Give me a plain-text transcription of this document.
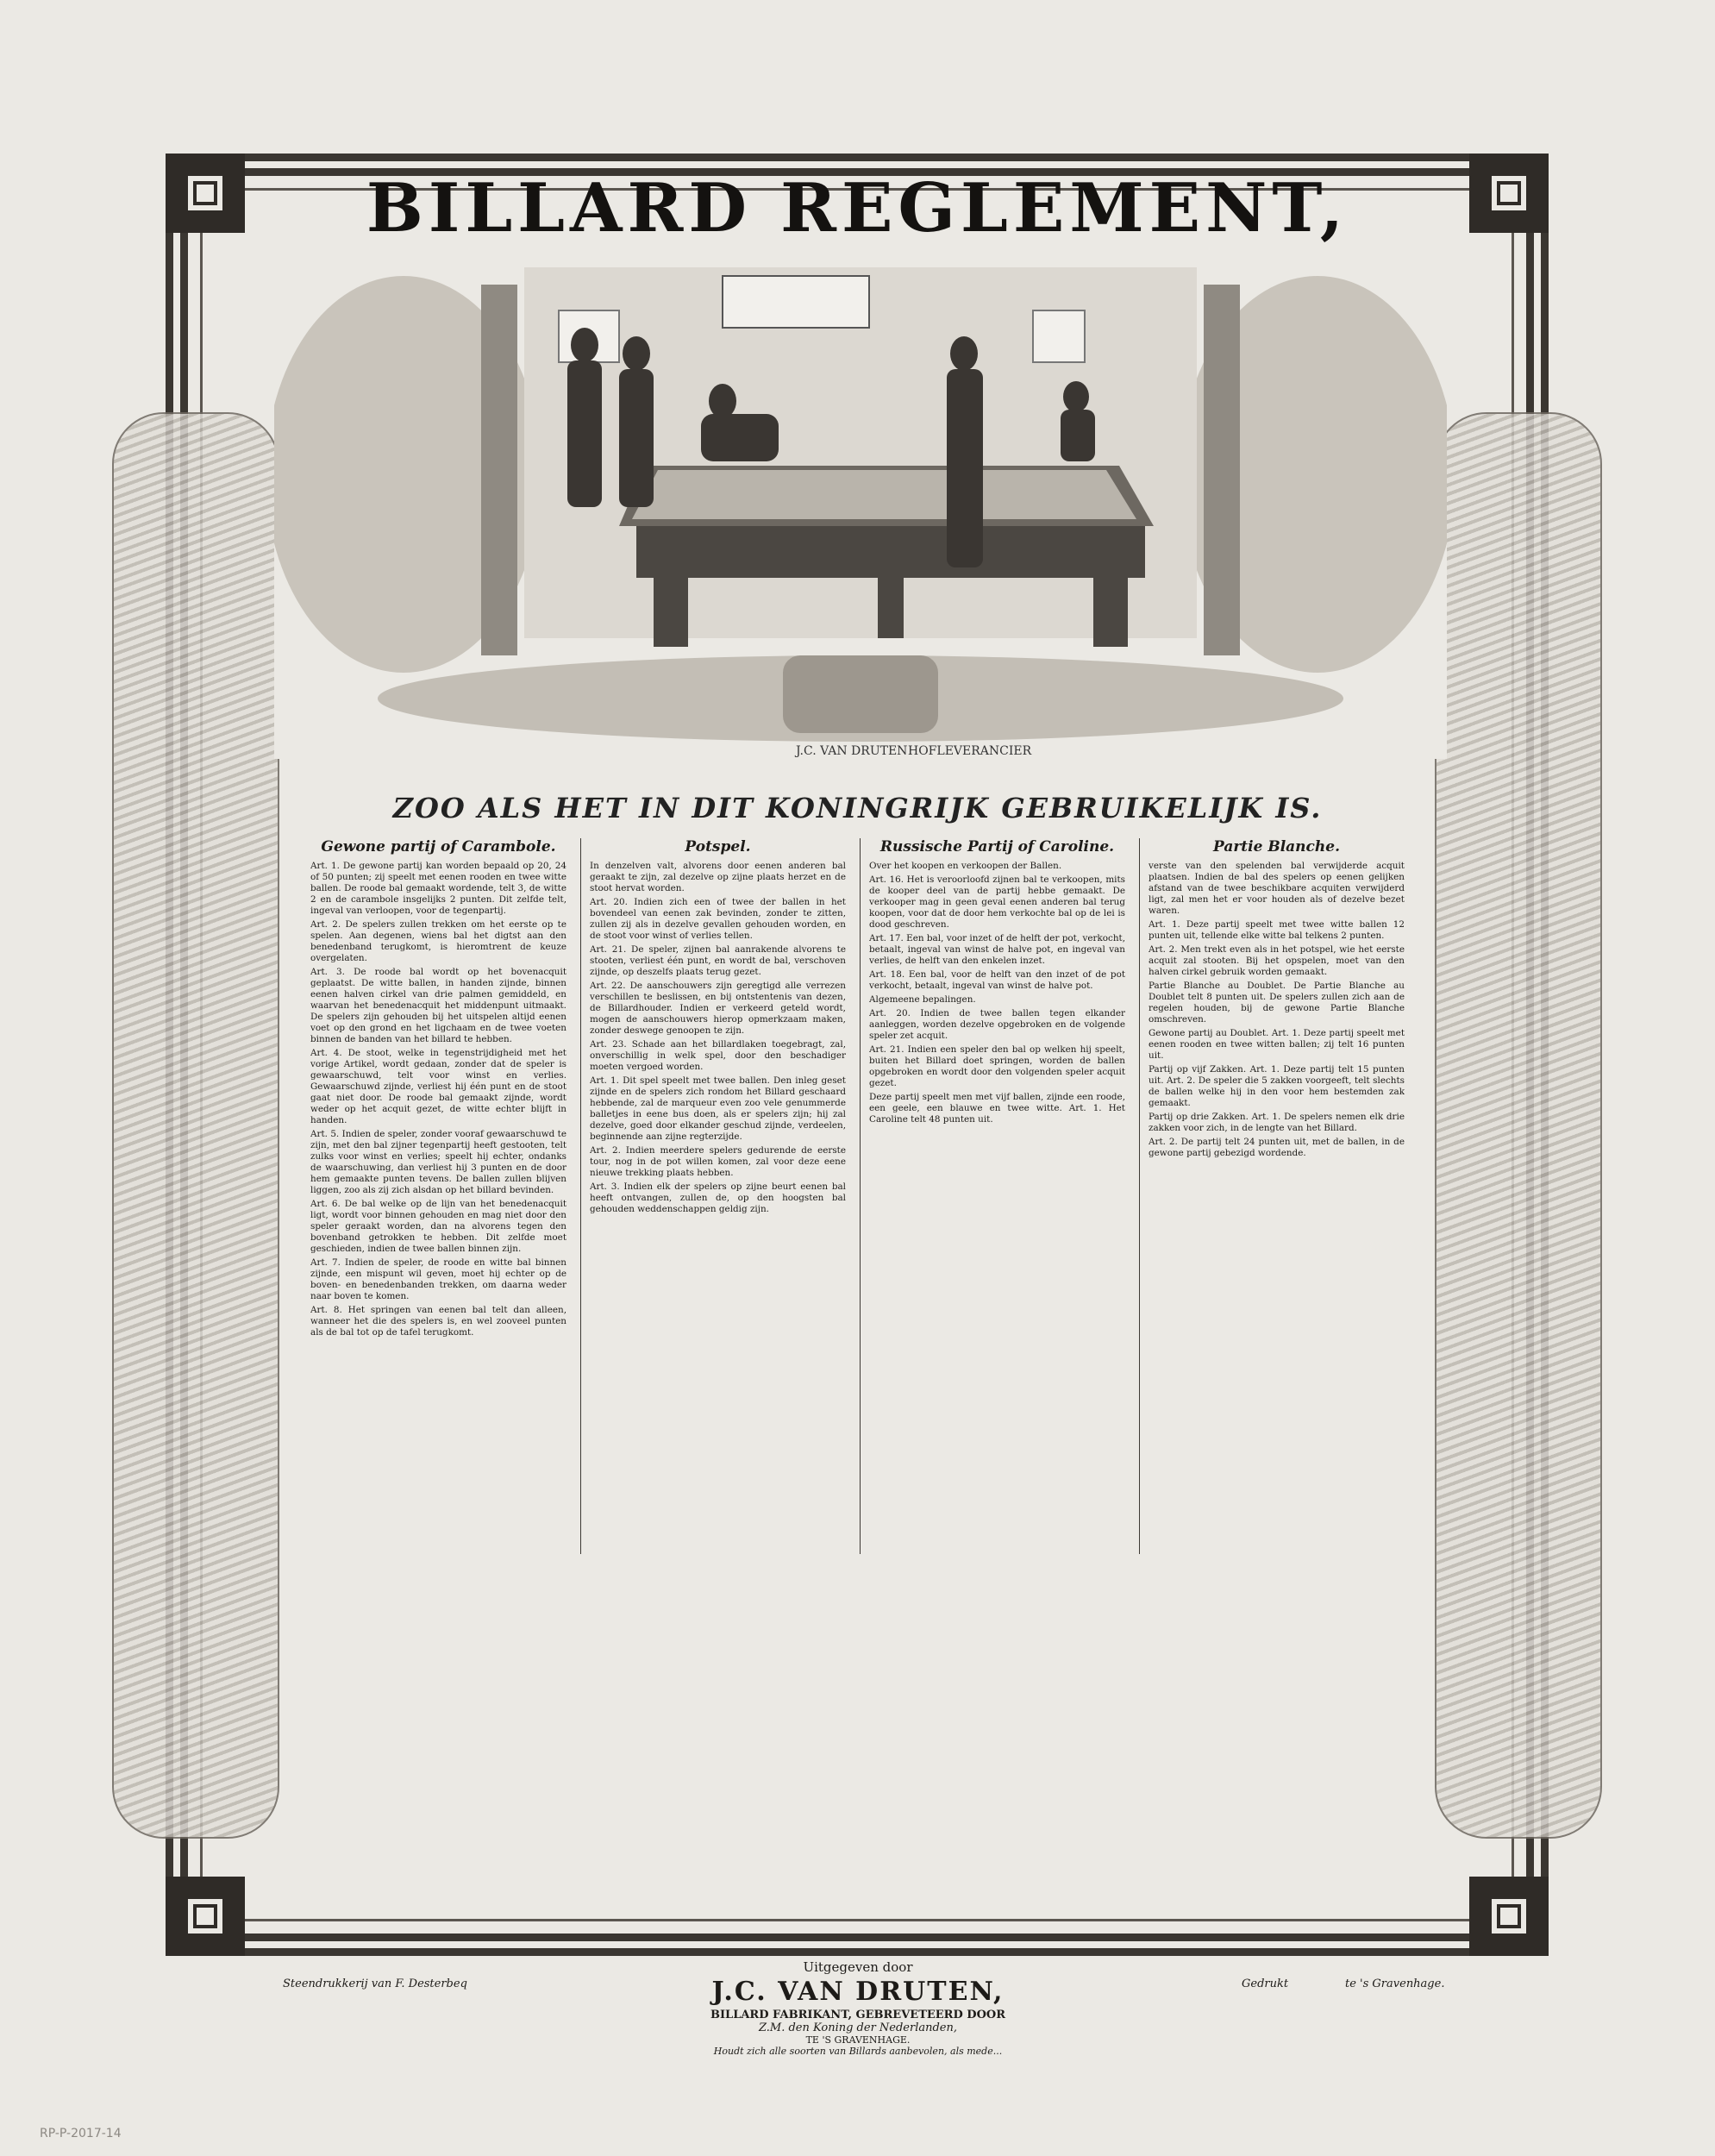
BILLARD REGLEMENT,
J.C. VAN DRUTEN HOFLEVERANCIER
ZOO ALS HET IN DIT KONINGRIJK GEBRUIKELIJK IS.
Gewone partij of Carambole.

Art. 1. De gewone partij kan worden bepaald op 20, 24 of 50 punten; zij speelt met eenen rooden en twee witte ballen. De roode bal gemaakt wordende, telt 3, de witte 2 en de carambole insgelijks 2 punten. Dit zelfde telt, ingeval van verloopen, voor de tegenpartij.

Art. 2. De spelers zullen trekken om het eerste op te spelen. Aan degenen, wiens bal het digtst aan den benedenband terugkomt, is hieromtrent de keuze overgelaten.

Art. 3. De roode bal wordt op het bovenacquit geplaatst. De witte ballen, in handen zijnde, binnen eenen halven cirkel van drie palmen gemiddeld, en waarvan het benedenacquit het middenpunt uitmaakt. De spelers zijn gehouden bij het uitspelen altijd eenen voet op den grond en het ligchaam en de twee voeten binnen de banden van het billard te hebben.

Art. 4. De stoot, welke in tegenstrijdigheid met het vorige Artikel, wordt gedaan, zonder dat de speler is gewaarschuwd, telt voor winst en verlies. Gewaarschuwd zijnde, verliest hij één punt en de stoot gaat niet door. De roode bal gemaakt zijnde, wordt weder op het acquit gezet, de witte echter blijft in handen.

Art. 5. Indien de speler, zonder vooraf gewaarschuwd te zijn, met den bal zijner tegenpartij heeft gestooten, telt zulks voor winst en verlies; speelt hij echter, ondanks de waarschuwing, dan verliest hij 3 punten en de door hem gemaakte punten tevens. De ballen zullen blijven liggen, zoo als zij zich alsdan op het billard bevinden.

Art. 6. De bal welke op de lijn van het benedenacquit ligt, wordt voor binnen gehouden en mag niet door den speler geraakt worden, dan na alvorens tegen den bovenband getrokken te hebben. Dit zelfde moet geschieden, indien de twee ballen binnen zijn.

Art. 7. Indien de speler, de roode en witte bal binnen zijnde, een mispunt wil geven, moet hij echter op de boven- en benedenbanden trekken, om daarna weder naar boven te komen.

Art. 8. Het springen van eenen bal telt dan alleen, wanneer het die des spelers is, en wel zooveel punten als de bal tot op de tafel terugkomt.

Potspel.

In denzelven valt, alvorens door eenen anderen bal geraakt te zijn, zal dezelve op zijne plaats herzet en de stoot hervat worden.

Art. 20. Indien zich een of twee der ballen in het bovendeel van eenen zak bevinden, zonder te zitten, zullen zij als in dezelve gevallen gehouden worden, en de stoot voor winst of verlies tellen.

Art. 21. De speler, zijnen bal aanrakende alvorens te stooten, verliest één punt, en wordt de bal, verschoven zijnde, op deszelfs plaats terug gezet.

Art. 22. De aanschouwers zijn geregtigd alle verrezen verschillen te beslissen, en bij ontstentenis van dezen, de Billardhouder. Indien er verkeerd geteld wordt, mogen de aanschouwers hierop opmerkzaam maken, zonder deswege genoopen te zijn.

Art. 23. Schade aan het billardlaken toegebragt, zal, onverschillig in welk spel, door den beschadiger moeten vergoed worden.

Art. 1. Dit spel speelt met twee ballen. Den inleg geset zijnde en de spelers zich rondom het Billard geschaard hebbende, zal de marqueur even zoo vele genummerde balletjes in eene bus doen, als er spelers zijn; hij zal dezelve, goed door elkander geschud zijnde, verdeelen, beginnende aan zijne regterzijde.

Art. 2. Indien meerdere spelers gedurende de eerste tour, nog in de pot willen komen, zal voor deze eene nieuwe trekking plaats hebben.

Art. 3. Indien elk der spelers op zijne beurt eenen bal heeft ontvangen, zullen de, op den hoogsten bal gehouden weddenschappen geldig zijn.

Russische Partij of Caroline.

Over het koopen en verkoopen der Ballen.

Art. 16. Het is veroorloofd zijnen bal te verkoopen, mits de kooper deel van de partij hebbe gemaakt. De verkooper mag in geen geval eenen anderen bal terug koopen, voor dat de door hem verkochte bal op de lei is dood geschreven.

Art. 17. Een bal, voor inzet of de helft der pot, verkocht, betaalt, ingeval van winst de halve pot, en ingeval van verlies, de helft van den enkelen inzet.

Art. 18. Een bal, voor de helft van den inzet of de pot verkocht, betaalt, ingeval van winst de halve pot.

Algemeene bepalingen.

Art. 20. Indien de twee ballen tegen elkander aanleggen, worden dezelve opgebroken en de volgende speler zet acquit.

Art. 21. Indien een speler den bal op welken hij speelt, buiten het Billard doet springen, worden de ballen opgebroken en wordt door den volgenden speler acquit gezet.

Deze partij speelt men met vijf ballen, zijnde een roode, een geele, een blauwe en twee witte. Art. 1. Het Caroline telt 48 punten uit.

Partie Blanche.

verste van den spelenden bal verwijderde acquit plaatsen. Indien de bal des spelers op eenen gelijken afstand van de twee beschikbare acquiten verwijderd ligt, zal men het er voor houden als of dezelve bezet waren.

Art. 1. Deze partij speelt met twee witte ballen 12 punten uit, tellende elke witte bal telkens 2 punten.

Art. 2. Men trekt even als in het potspel, wie het eerste acquit zal stooten. Bij het opspelen, moet van den halven cirkel gebruik worden gemaakt.

Partie Blanche au Doublet. De Partie Blanche au Doublet telt 8 punten uit. De spelers zullen zich aan de regelen houden, bij de gewone Partie Blanche omschreven.

Gewone partij au Doublet. Art. 1. Deze partij speelt met eenen rooden en twee witten ballen; zij telt 16 punten uit.

Partij op vijf Zakken. Art. 1. Deze partij telt 15 punten uit. Art. 2. De speler die 5 zakken voorgeeft, telt slechts de ballen welke hij in den voor hem bestemden zak gemaakt.

Partij op drie Zakken. Art. 1. De spelers nemen elk drie zakken voor zich, in de lengte van het Billard.

Art. 2. De partij telt 24 punten uit, met de ballen, in de gewone partij gebezigd wordende.

Uitgegeven door
J.C. VAN DRUTEN,
BILLARD FABRIKANT, GEBREVETEERD DOOR
Z.M. den Koning der Nederlanden,
TE 'S GRAVENHAGE.
Houdt zich alle soorten van Billards aanbevolen, als mede...
Steendrukkerij van F. Desterbeq	Gedrukt	te 's Gravenhage.
RP-P-2017-14
